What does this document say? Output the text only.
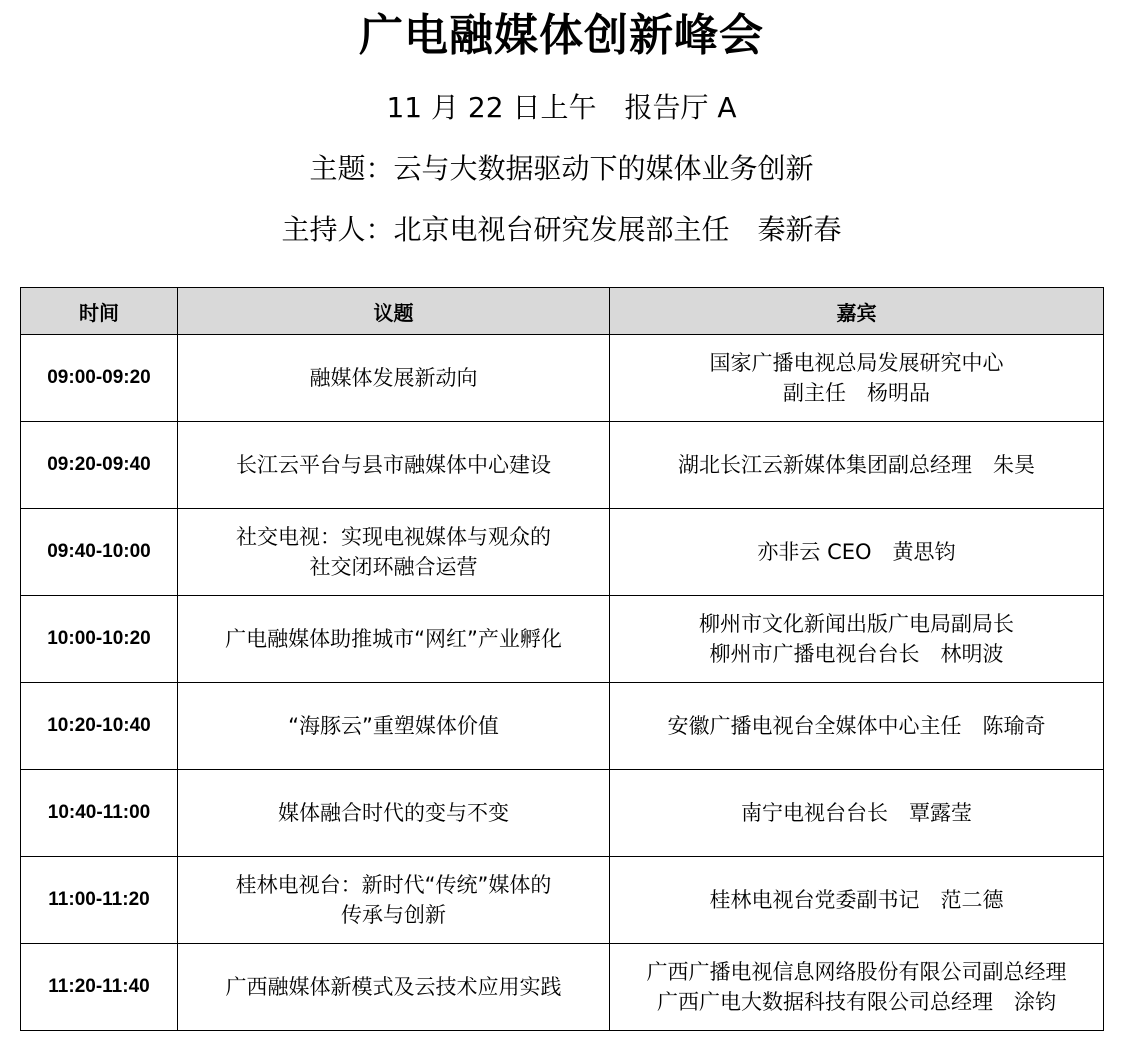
广电融媒体创新峰会
11 月 22 日上午　报告厅 A
主题：云与大数据驱动下的媒体业务创新
主持人：北京电视台研究发展部主任　秦新春
时间	议题	嘉宾
09:00-09:20	融媒体发展新动向	国家广播电视总局发展研究中心
副主任　杨明品

09:20-09:40	长江云平台与县市融媒体中心建设	湖北长江云新媒体集团副总经理　朱昊

09:40-10:00	社交电视：实现电视媒体与观众的
社交闭环融合运营	亦非云 CEO　黄思钧

10:00-10:20	广电融媒体助推城市“网红”产业孵化	柳州市文化新闻出版广电局副局长
柳州市广播电视台台长　林明波

10:20-10:40	“海豚云”重塑媒体价值	安徽广播电视台全媒体中心主任　陈瑜奇

10:40-11:00	媒体融合时代的变与不变	南宁电视台台长　覃露莹

11:00-11:20	桂林电视台：新时代“传统”媒体的
传承与创新	桂林电视台党委副书记　范二德

11:20-11:40	广西融媒体新模式及云技术应用实践	广西广播电视信息网络股份有限公司副总经理
广西广电大数据科技有限公司总经理　涂钧
